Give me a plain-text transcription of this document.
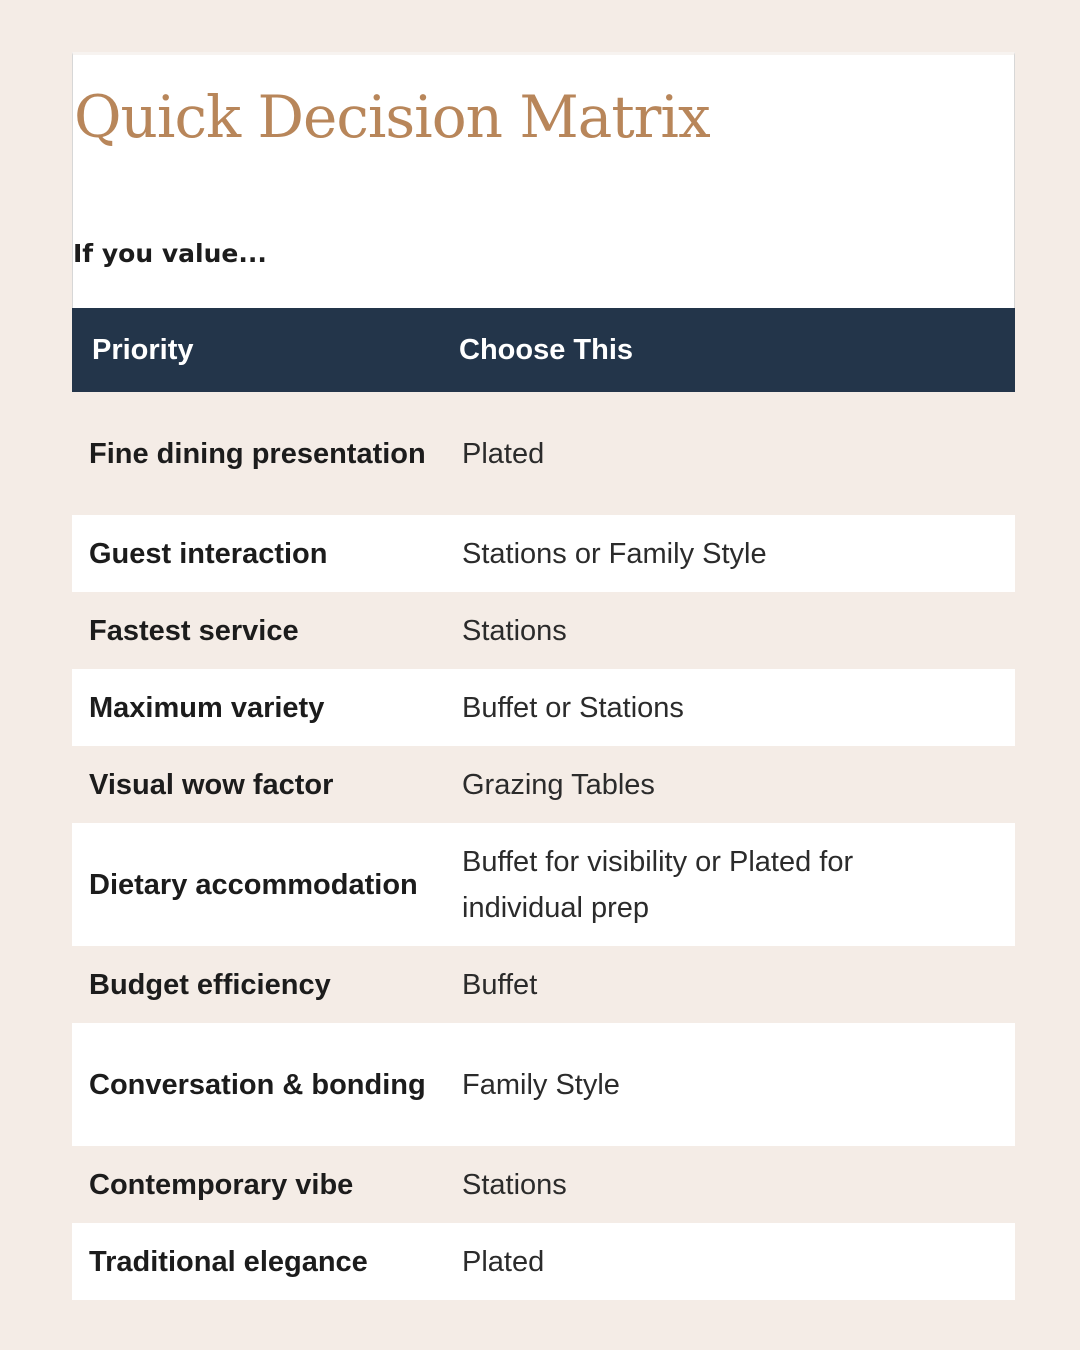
Quick Decision Matrix

If you value...

Priority	Choose This
Fine dining presentation	Plated
Guest interaction	Stations or Family Style
Fastest service	Stations
Maximum variety	Buffet or Stations
Visual wow factor	Grazing Tables
Dietary accommodation	Buffet for visibility or Plated for individual prep
Budget efficiency	Buffet
Conversation & bonding	Family Style
Contemporary vibe	Stations
Traditional elegance	Plated
